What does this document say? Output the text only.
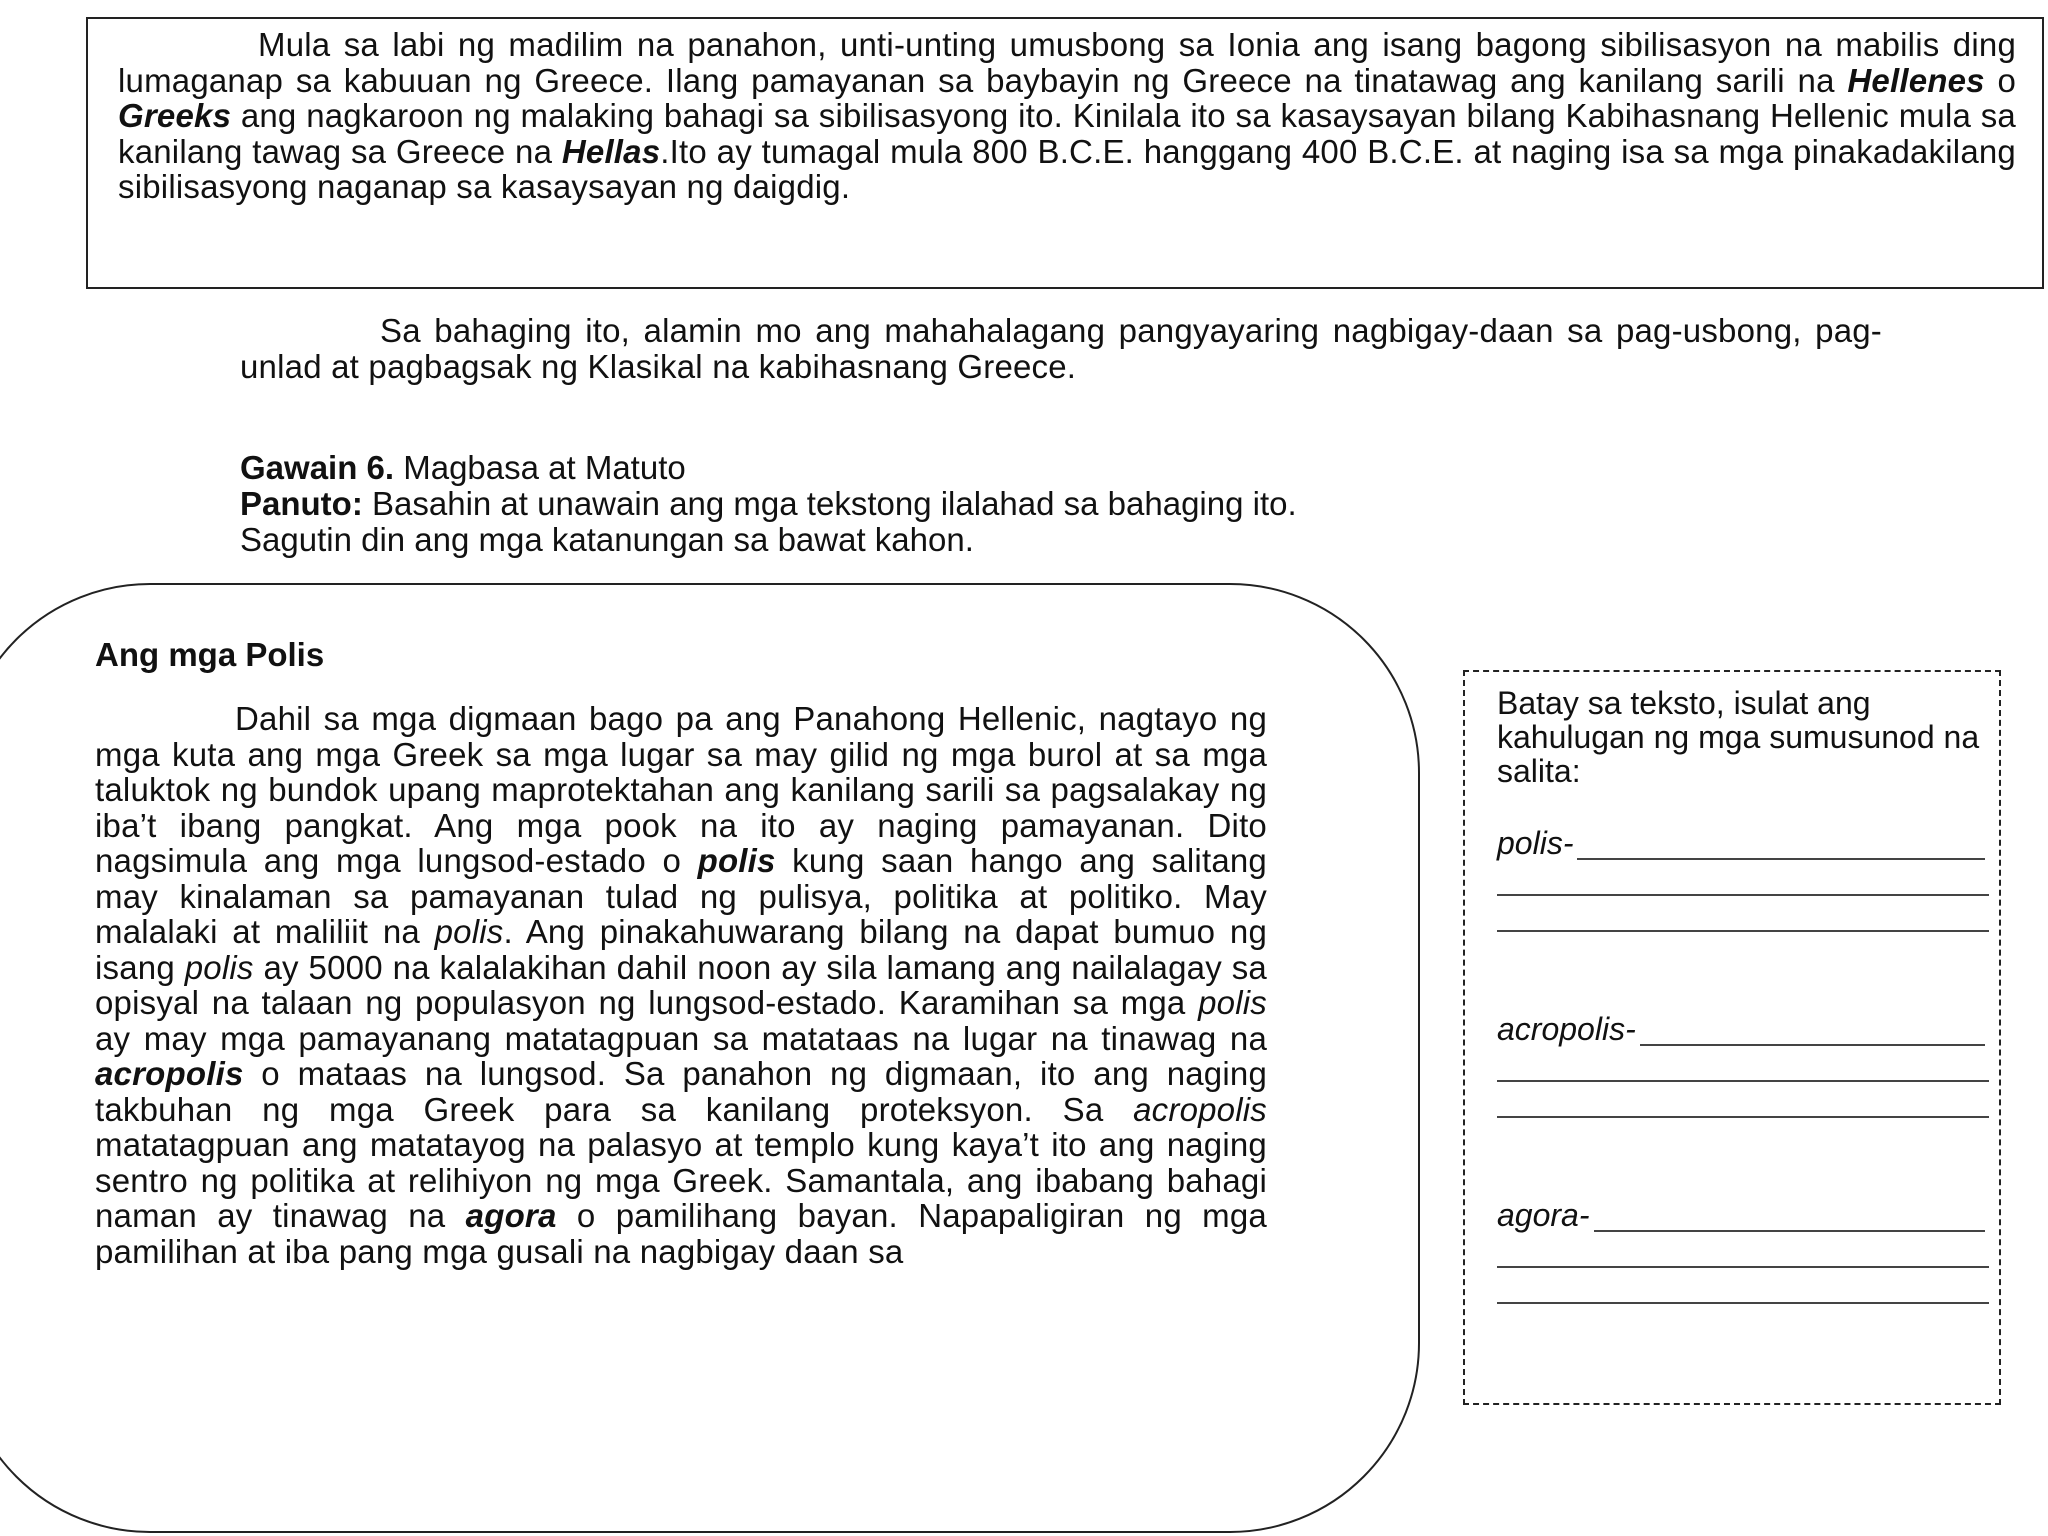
Mula sa labi ng madilim na panahon, unti-unting umusbong sa Ionia ang isang bagong sibilisasyon na mabilis ding lumaganap sa kabuuan ng Greece. Ilang pamayanan sa baybayin ng Greece na tinatawag ang kanilang sarili na Hellenes o Greeks ang nagkaroon ng malaking bahagi sa sibilisasyong ito. Kinilala ito sa kasaysayan bilang Kabihasnang Hellenic mula sa kanilang tawag sa Greece na Hellas.Ito ay tumagal mula 800 B.C.E. hanggang 400 B.C.E. at naging isa sa mga pinakadakilang sibilisasyong naganap sa kasaysayan ng daigdig.

Sa bahaging ito, alamin mo ang mahahalagang pangyayaring nagbigay-daan sa pag-usbong, pag-unlad at pagbagsak ng Klasikal na kabihasnang Greece.

Gawain 6. Magbasa at Matuto
Panuto: Basahin at unawain ang mga tekstong ilalahad sa bahaging ito.
Sagutin din ang mga katanungan sa bawat kahon.
Ang mga Polis

Dahil sa mga digmaan bago pa ang Panahong Hellenic, nagtayo ng mga kuta ang mga Greek sa mga lugar sa may gilid ng mga burol at sa mga taluktok ng bundok upang maprotektahan ang kanilang sarili sa pagsalakay ng iba’t ibang pangkat. Ang mga pook na ito ay naging pamayanan. Dito nagsimula ang mga lungsod-estado o polis kung saan hango ang salitang may kinalaman sa pamayanan tulad ng pulisya, politika at politiko. May malalaki at maliliit na polis. Ang pinakahuwarang bilang na dapat bumuo ng isang polis ay 5000 na kalalakihan dahil noon ay sila lamang ang nailalagay sa opisyal na talaan ng populasyon ng lungsod-estado. Karamihan sa mga polis ay may mga pamayanang matatagpuan sa matataas na lugar na tinawag na acropolis o mataas na lungsod. Sa panahon ng digmaan, ito ang naging takbuhan ng mga Greek para sa kanilang proteksyon. Sa acropolis matatagpuan ang matatayog na palasyo at templo kung kaya’t ito ang naging sentro ng politika at relihiyon ng mga Greek. Samantala, ang ibabang bahagi naman ay tinawag na agora o pamilihang bayan. Napapaligiran ng mga pamilihan at iba pang mga gusali na nagbigay daan sa

Batay sa teksto, isulat ang kahulugan ng mga sumusunod na salita:

polis-
acropolis-
agora-
